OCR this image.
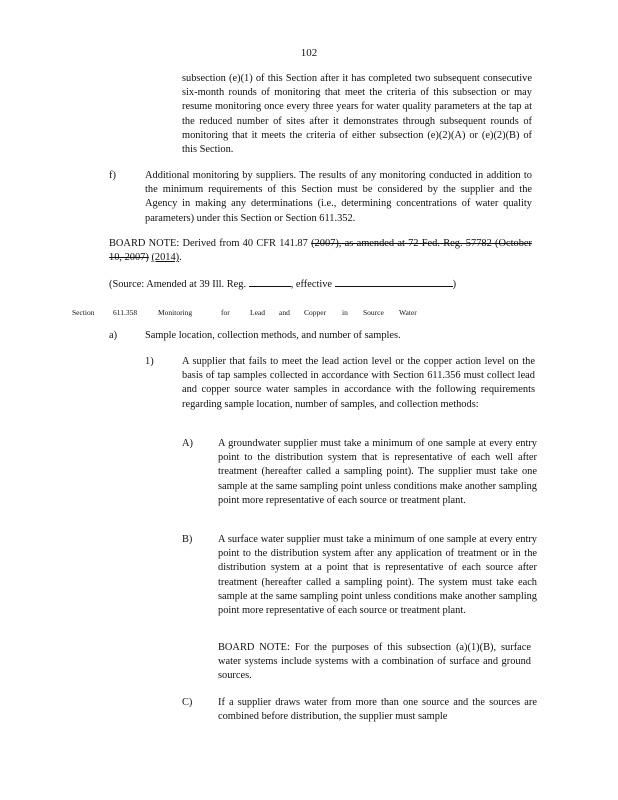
102

subsection (e)(1) of this Section after it has completed two subsequent consecutive six-month rounds of monitoring that meet the criteria of this subsection or may resume monitoring once every three years for water quality parameters at the tap at the reduced number of sites after it demonstrates through subsequent rounds of monitoring that it meets the criteria of either subsection (e)(2)(A) or (e)(2)(B) of this Section.

f)	Additional monitoring by suppliers. The results of any monitoring conducted in addition to the minimum requirements of this Section must be considered by the supplier and the Agency in making any determinations (i.e., determining concentrations of water quality parameters) under this Section or Section 611.352.

BOARD NOTE: Derived from 40 CFR 141.87 (2007), as amended at 72 Fed. Reg. 57782 (October 10, 2007) (2014).

(Source: Amended at 39 Ill. Reg.	, effective	)
Section 611.358	Monitoring	for	Lead and Copper in Source Water
a)	Sample location, collection methods, and number of samples.

1)	A supplier that fails to meet the lead action level or the copper action level on the basis of tap samples collected in accordance with Section 611.356 must collect lead and copper source water samples in accordance with the following requirements regarding sample location, number of samples, and collection methods:

A) A groundwater supplier must take a minimum of one sample at every entry point to the distribution system that is representative of each well after treatment (hereafter called a sampling point). The supplier must take one sample at the same sampling point unless conditions make another sampling point more representative of each source or treatment plant.

B) A surface water supplier must take a minimum of one sample at every entry point to the distribution system after any application of treatment or in the distribution system at a point that is representative of each source after treatment (hereafter called a sampling point). The system must take each sample at the same sampling point unless conditions make another sampling point more representative of each source or treatment plant.

BOARD NOTE: For the purposes of this subsection (a)(1)(B), surface water systems include systems with a combination of surface and ground sources.

C) If a supplier draws water from more than one source and the sources are combined before distribution, the supplier must sample
